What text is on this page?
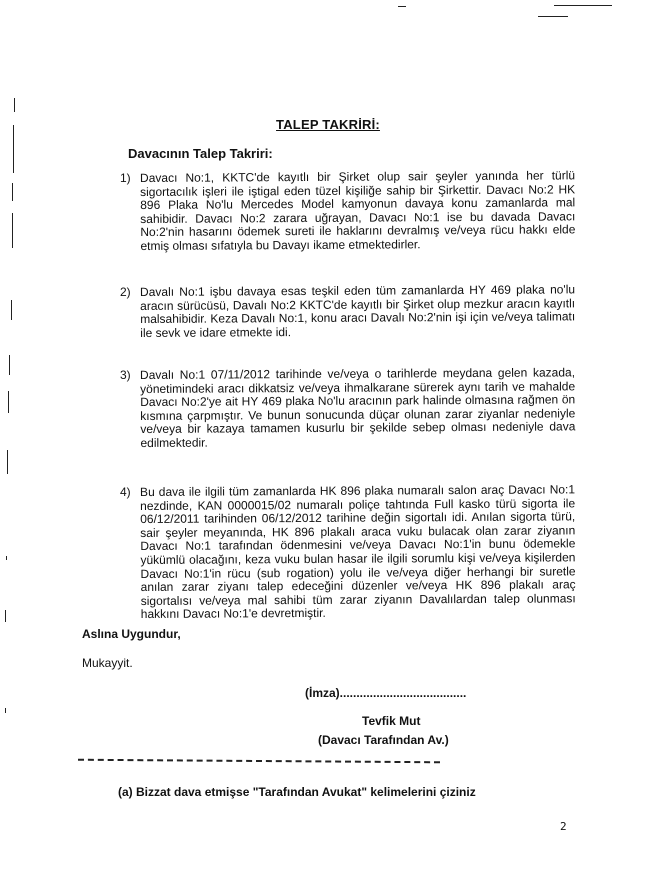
TALEP TAKRİRİ:
Davacının Talep Takriri:
1) Davacı No:1, KKTC'de kayıtlı bir Şirket olup sair şeyler yanında her türlü sigortacılık işleri ile iştigal eden tüzel kişiliğe sahip bir Şirkettir. Davacı No:2 HK 896 Plaka No'lu Mercedes Model kamyonun davaya konu zamanlarda mal sahibidir. Davacı No:2 zarara uğrayan, Davacı No:1 ise bu davada Davacı No:2'nin hasarını ödemek sureti ile haklarını devralmış ve/veya rücu hakkı elde etmiş olması sıfatıyla bu Davayı ikame etmektedirler.
2) Davalı No:1 işbu davaya esas teşkil eden tüm zamanlarda HY 469 plaka no'lu aracın sürücüsü, Davalı No:2 KKTC'de kayıtlı bir Şirket olup mezkur aracın kayıtlı malsahibidir. Keza Davalı No:1, konu aracı Davalı No:2'nin işi için ve/veya talimatı ile sevk ve idare etmekte idi.
3) Davalı No:1 07/11/2012 tarihinde ve/veya o tarihlerde meydana gelen kazada, yönetimindeki aracı dikkatsiz ve/veya ihmalkarane sürerek aynı tarih ve mahalde Davacı No:2'ye ait HY 469 plaka No'lu aracının park halinde olmasına rağmen ön kısmına çarpmıştır. Ve bunun sonucunda düçar olunan zarar ziyanlar nedeniyle ve/veya bir kazaya tamamen kusurlu bir şekilde sebep olması nedeniyle dava edilmektedir.
4) Bu dava ile ilgili tüm zamanlarda HK 896 plaka numaralı salon araç Davacı No:1 nezdinde, KAN 0000015/02 numaralı poliçe tahtında Full kasko türü sigorta ile 06/12/2011 tarihinden 06/12/2012 tarihine değin sigortalı idi. Anılan sigorta türü, sair şeyler meyanında, HK 896 plakalı araca vuku bulacak olan zarar ziyanın Davacı No:1 tarafından ödenmesini ve/veya Davacı No:1'in bunu ödemekle yükümlü olacağını, keza vuku bulan hasar ile ilgili sorumlu kişi ve/veya kişilerden Davacı No:1'in rücu (sub rogation) yolu ile ve/veya diğer herhangi bir suretle anılan zarar ziyanı talep edeceğini düzenler ve/veya HK 896 plakalı araç sigortalısı ve/veya mal sahibi tüm zarar ziyanın Davalılardan talep olunması hakkını Davacı No:1'e devretmiştir.
Aslına Uygundur,
Mukayyit.
(İmza)......................................
Tevfik Mut
(Davacı Tarafından Av.)
(a) Bizzat dava etmişse "Tarafından Avukat" kelimelerini çiziniz
2
